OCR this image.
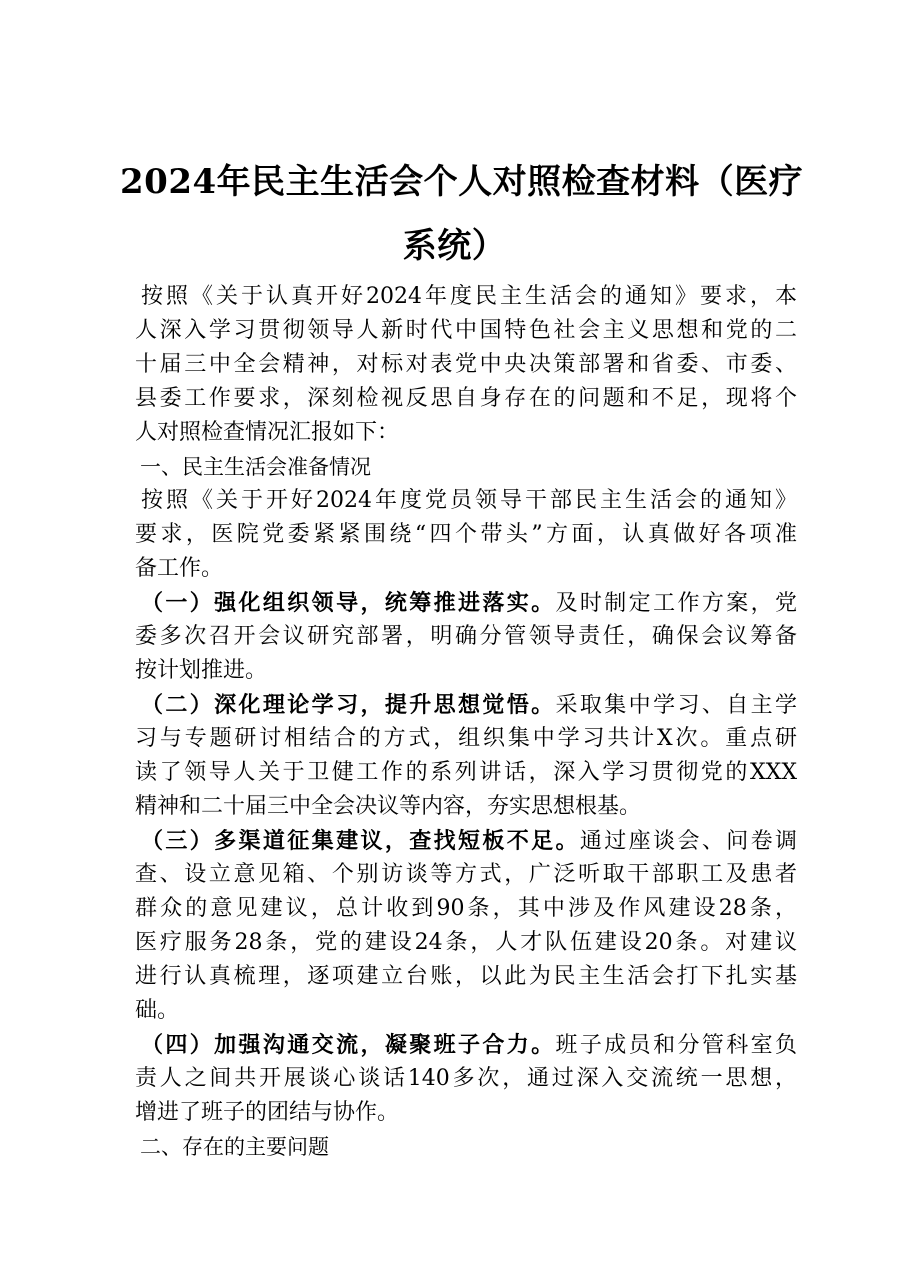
2024年民主生活会个人对照检查材料（医疗
系统）
按照《关于认真开好2024年度民主生活会的通知》要求，本
人深入学习贯彻领导人新时代中国特色社会主义思想和党的二
十届三中全会精神，对标对表党中央决策部署和省委、市委、
县委工作要求，深刻检视反思自身存在的问题和不足，现将个
人对照检查情况汇报如下：
一、民主生活会准备情况
按照《关于开好2024年度党员领导干部民主生活会的通知》
要求，医院党委紧紧围绕“四个带头”方面，认真做好各项准
备工作。
（一）强化组织领导，统筹推进落实。及时制定工作方案，党
委多次召开会议研究部署，明确分管领导责任，确保会议筹备
按计划推进。
（二）深化理论学习，提升思想觉悟。采取集中学习、自主学
习与专题研讨相结合的方式，组织集中学习共计X次。重点研
读了领导人关于卫健工作的系列讲话，深入学习贯彻党的XXX
精神和二十届三中全会决议等内容，夯实思想根基。
（三）多渠道征集建议，查找短板不足。通过座谈会、问卷调
查、设立意见箱、个别访谈等方式，广泛听取干部职工及患者
群众的意见建议，总计收到90条，其中涉及作风建设28条，
医疗服务28条，党的建设24条，人才队伍建设20条。对建议
进行认真梳理，逐项建立台账，以此为民主生活会打下扎实基
础。
（四）加强沟通交流，凝聚班子合力。班子成员和分管科室负
责人之间共开展谈心谈话140多次，通过深入交流统一思想，
增进了班子的团结与协作。
二、存在的主要问题
